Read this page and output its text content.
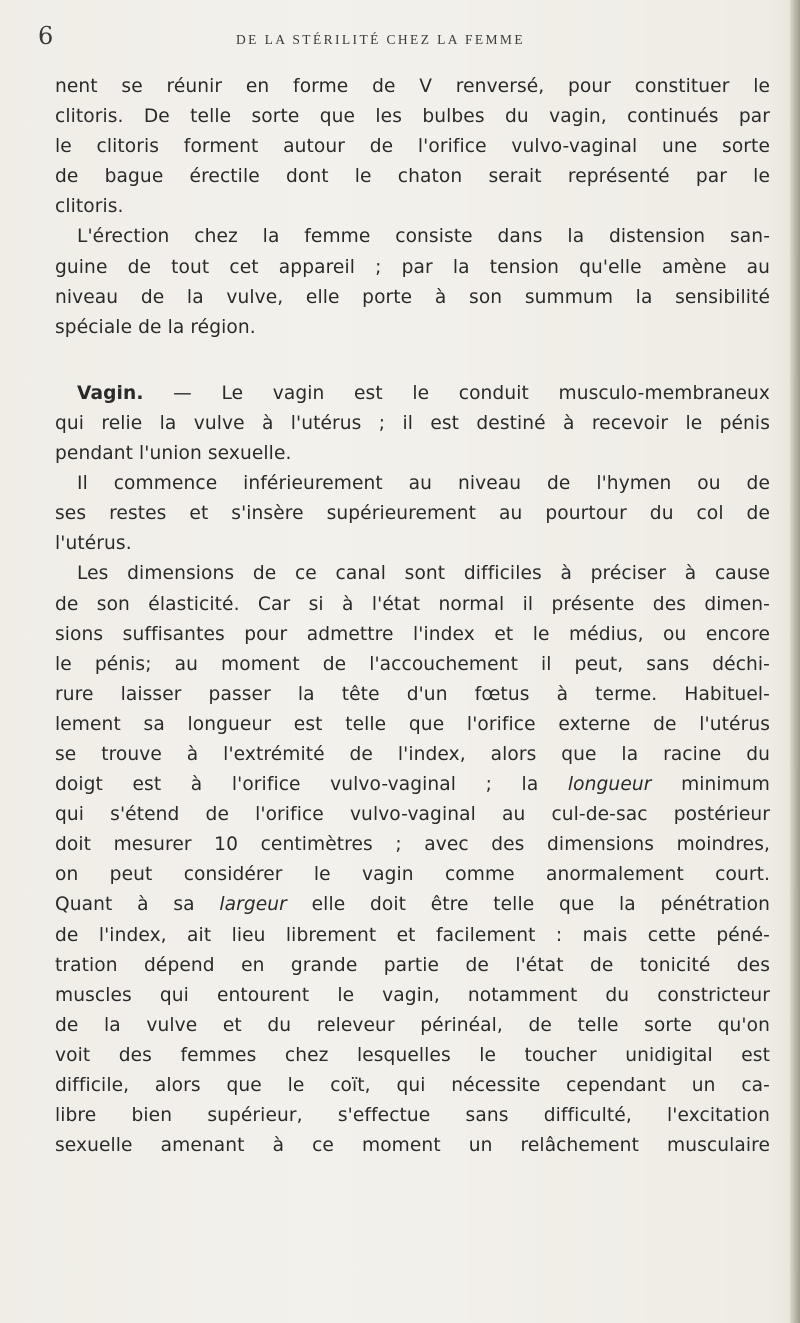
6	DE LA STÉRILITÉ CHEZ LA FEMME
nent se réunir en forme de V renversé, pour constituer le
clitoris. De telle sorte que les bulbes du vagin, continués par
le clitoris forment autour de l'orifice vulvo-vaginal une sorte
de bague érectile dont le chaton serait représenté par le
clitoris.
L'érection chez la femme consiste dans la distension san-
guine de tout cet appareil ; par la tension qu'elle amène au
niveau de la vulve, elle porte à son summum la sensibilité
spéciale de la région.
Vagin. — Le vagin est le conduit musculo-membraneux
qui relie la vulve à l'utérus ; il est destiné à recevoir le pénis
pendant l'union sexuelle.
Il commence inférieurement au niveau de l'hymen ou de
ses restes et s'insère supérieurement au pourtour du col de
l'utérus.
Les dimensions de ce canal sont difficiles à préciser à cause
de son élasticité. Car si à l'état normal il présente des dimen-
sions suffisantes pour admettre l'index et le médius, ou encore
le pénis; au moment de l'accouchement il peut, sans déchi-
rure laisser passer la tête d'un fœtus à terme. Habituel-
lement sa longueur est telle que l'orifice externe de l'utérus
se trouve à l'extrémité de l'index, alors que la racine du
doigt est à l'orifice vulvo-vaginal ; la longueur minimum
qui s'étend de l'orifice vulvo-vaginal au cul-de-sac postérieur
doit mesurer 10 centimètres ; avec des dimensions moindres,
on peut considérer le vagin comme anormalement court.
Quant à sa largeur elle doit être telle que la pénétration
de l'index, ait lieu librement et facilement : mais cette péné-
tration dépend en grande partie de l'état de tonicité des
muscles qui entourent le vagin, notamment du constricteur
de la vulve et du releveur périnéal, de telle sorte qu'on
voit des femmes chez lesquelles le toucher unidigital est
difficile, alors que le coït, qui nécessite cependant un ca-
libre bien supérieur, s'effectue sans difficulté, l'excitation
sexuelle amenant à ce moment un relâchement musculaire
